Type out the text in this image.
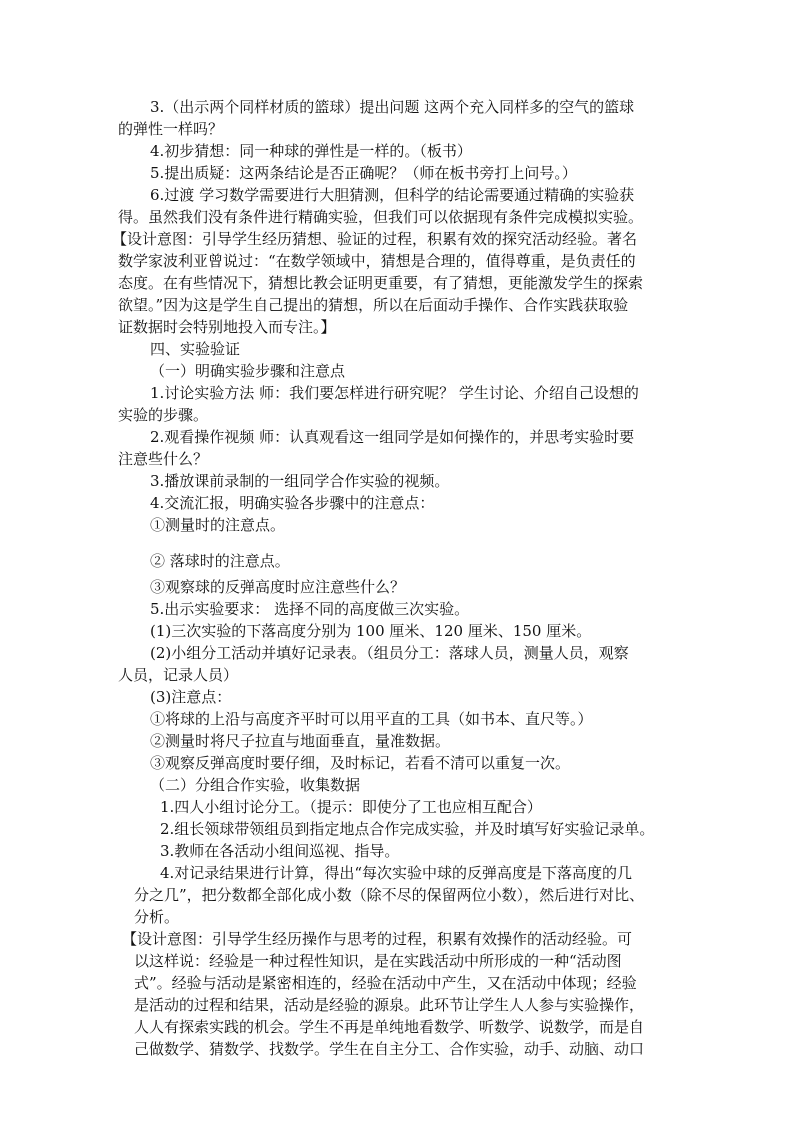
3.（出示两个同样材质的篮球）提出问题 这两个充入同样多的空气的篮球
的弹性一样吗？
4.初步猜想：同一种球的弹性是一样的。（板书）
5.提出质疑：这两条结论是否正确呢？（师在板书旁打上问号。）
6.过渡 学习数学需要进行大胆猜测，但科学的结论需要通过精确的实验获
得。虽然我们没有条件进行精确实验，但我们可以依据现有条件完成模拟实验。
【设计意图：引导学生经历猜想、验证的过程，积累有效的探究活动经验。著名
数学家波利亚曾说过：“在数学领域中，猜想是合理的，值得尊重，是负责任的
态度。在有些情况下，猜想比教会证明更重要，有了猜想，更能激发学生的探索
欲望。”因为这是学生自己提出的猜想，所以在后面动手操作、合作实践获取验
证数据时会特别地投入而专注。】
四、实验验证
（一）明确实验步骤和注意点
1.讨论实验方法 师：我们要怎样进行研究呢？ 学生讨论、介绍自己设想的
实验的步骤。
2.观看操作视频 师：认真观看这一组同学是如何操作的，并思考实验时要
注意些什么？
3.播放课前录制的一组同学合作实验的视频。
4.交流汇报，明确实验各步骤中的注意点：
①测量时的注意点。
② 落球时的注意点。
③观察球的反弹高度时应注意些什么？
5.出示实验要求： 选择不同的高度做三次实验。
(1)三次实验的下落高度分别为 100 厘米、120 厘米、150 厘米。
(2)小组分工活动并填好记录表。（组员分工：落球人员，测量人员，观察
人员，记录人员）
(3)注意点：
①将球的上沿与高度齐平时可以用平直的工具（如书本、直尺等。）
②测量时将尺子拉直与地面垂直，量准数据。
③观察反弹高度时要仔细，及时标记，若看不清可以重复一次。
（二）分组合作实验，收集数据
1.四人小组讨论分工。（提示：即使分了工也应相互配合）
2.组长领球带领组员到指定地点合作完成实验，并及时填写好实验记录单。
3.教师在各活动小组间巡视、指导。
4.对记录结果进行计算，得出“每次实验中球的反弹高度是下落高度的几
分之几”，把分数都全部化成小数（除不尽的保留两位小数），然后进行对比、
分析。
【设计意图：引导学生经历操作与思考的过程，积累有效操作的活动经验。可
以这样说：经验是一种过程性知识，是在实践活动中所形成的一种“活动图
式”。经验与活动是紧密相连的，经验在活动中产生，又在活动中体现；经验
是活动的过程和结果，活动是经验的源泉。此环节让学生人人参与实验操作，
人人有探索实践的机会。学生不再是单纯地看数学、听数学、说数学，而是自
己做数学、猜数学、找数学。学生在自主分工、合作实验，动手、动脑、动口
